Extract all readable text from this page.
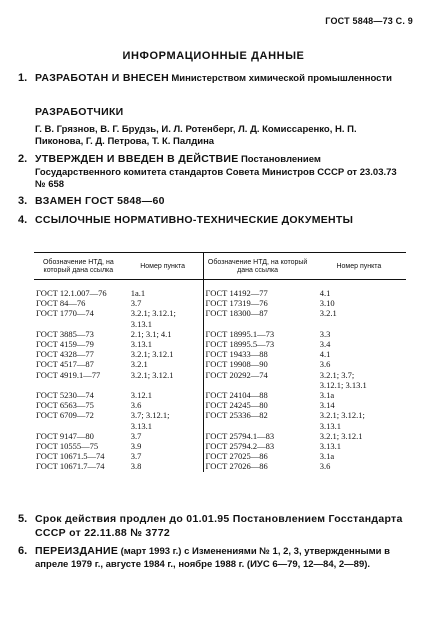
ГОСТ 5848—73 С. 9
ИНФОРМАЦИОННЫЕ ДАННЫЕ
1. РАЗРАБОТАН И ВНЕСЕН Министерством химической промышленности
РАЗРАБОТЧИКИ
Г. В. Грязнов, В. Г. Брудзь, И. Л. Ротенберг, Л. Д. Комиссаренко, Н. П. Пиконова, Г. Д. Петрова, Т. К. Палдина
2. УТВЕРЖДЕН И ВВЕДЕН В ДЕЙСТВИЕ Постановлением Государственного комитета стандартов Совета Министров СССР от 23.03.73 № 658
3. ВЗАМЕН ГОСТ 5848—60
4. ССЫЛОЧНЫЕ НОРМАТИВНО-ТЕХНИЧЕСКИЕ ДОКУМЕНТЫ
Обозначение НТД, на который дана ссылка	Номер пункта	Обозначение НТД, на который дана ссылка	Номер пункта
ГОСТ 12.1.007—76	1а.1	ГОСТ 14192—77	4.1

ГОСТ 84—76	3.7	ГОСТ 17319—76	3.10

ГОСТ 1770—74	3.2.1; 3.12.1;
3.13.1	ГОСТ 18300—87	3.2.1

ГОСТ 3885—73	2.1; 3.1; 4.1	ГОСТ 18995.1—73	3.3

ГОСТ 4159—79	3.13.1	ГОСТ 18995.5—73	3.4

ГОСТ 4328—77	3.2.1; 3.12.1	ГОСТ 19433—88	4.1

ГОСТ 4517—87	3.2.1	ГОСТ 19908—90	3.6

ГОСТ 4919.1—77	3.2.1; 3.12.1	ГОСТ 20292—74	3.2.1; 3.7;
3.12.1; 3.13.1

ГОСТ 5230—74	3.12.1	ГОСТ 24104—88	3.1а

ГОСТ 6563—75	3.6	ГОСТ 24245—80	3.14

ГОСТ 6709—72	3.7; 3.12.1;
3.13.1	ГОСТ 25336—82	3.2.1; 3.12.1;
3.13.1

ГОСТ 9147—80	3.7	ГОСТ 25794.1—83	3.2.1; 3.12.1

ГОСТ 10555—75	3.9	ГОСТ 25794.2—83	3.13.1

ГОСТ 10671.5—74	3.7	ГОСТ 27025—86	3.1а

ГОСТ 10671.7—74	3.8	ГОСТ 27026—86	3.6
5. Срок действия продлен до 01.01.95 Постановлением Госстандарта СССР от 22.11.88 № 3772
6. ПЕРЕИЗДАНИЕ (март 1993 г.) с Изменениями № 1, 2, 3, утвержденными в апреле 1979 г., августе 1984 г., ноябре 1988 г. (ИУС 6—79, 12—84, 2—89).
